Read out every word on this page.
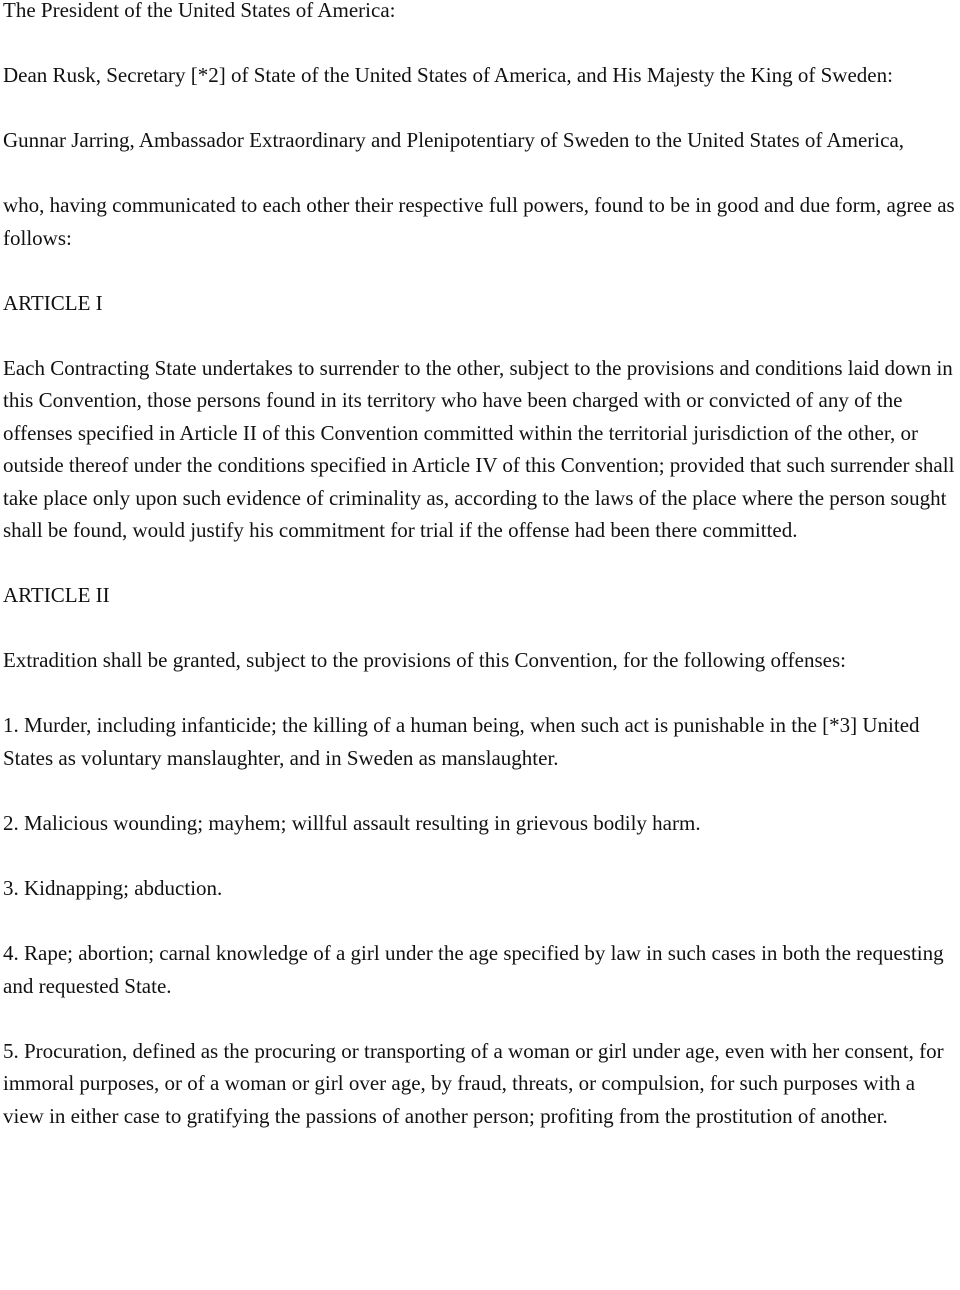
The President of the United States of America:

Dean Rusk, Secretary [*2] of State of the United States of America, and His Majesty the King of Sweden:

Gunnar Jarring, Ambassador Extraordinary and Plenipotentiary of Sweden to the United States of America,

who, having communicated to each other their respective full powers, found to be in good and due form, agree as follows:

ARTICLE I

Each Contracting State undertakes to surrender to the other, subject to the provisions and conditions laid down in this Convention, those persons found in its territory who have been charged with or convicted of any of the offenses specified in Article II of this Convention committed within the territorial jurisdiction of the other, or outside thereof under the conditions specified in Article IV of this Convention; provided that such surrender shall take place only upon such evidence of criminality as, according to the laws of the place where the person sought shall be found, would justify his commitment for trial if the offense had been there committed.

ARTICLE II

Extradition shall be granted, subject to the provisions of this Convention, for the following offenses:

1. Murder, including infanticide; the killing of a human being, when such act is punishable in the [*3] United States as voluntary manslaughter, and in Sweden as manslaughter.

2. Malicious wounding; mayhem; willful assault resulting in grievous bodily harm.

3. Kidnapping; abduction.

4. Rape; abortion; carnal knowledge of a girl under the age specified by law in such cases in both the requesting and requested State.

5. Procuration, defined as the procuring or transporting of a woman or girl under age, even with her consent, for immoral purposes, or of a woman or girl over age, by fraud, threats, or compulsion, for such purposes with a view in either case to gratifying the passions of another person; profiting from the prostitution of another.
